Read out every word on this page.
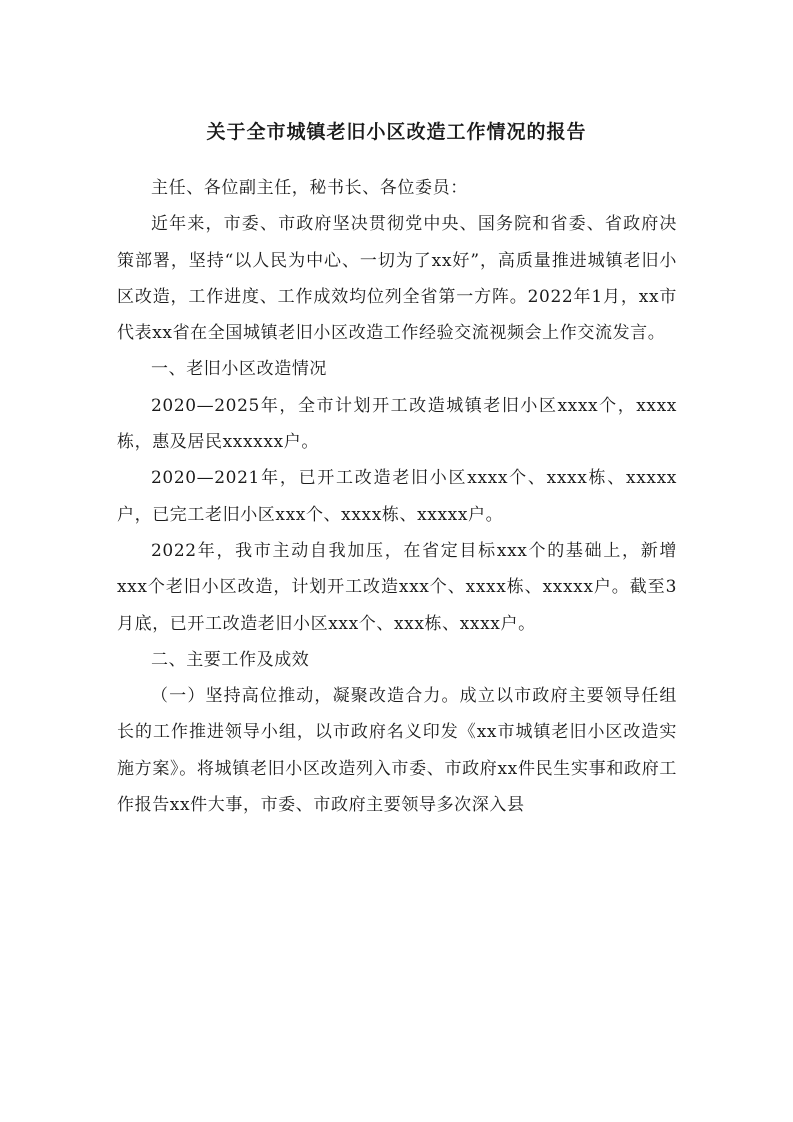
关于全市城镇老旧小区改造工作情况的报告

主任、各位副主任，秘书长、各位委员：

近年来，市委、市政府坚决贯彻党中央、国务院和省委、省政府决策部署，坚持“以人民为中心、一切为了xx好”，高质量推进城镇老旧小区改造，工作进度、工作成效均位列全省第一方阵。2022年1月，xx市代表xx省在全国城镇老旧小区改造工作经验交流视频会上作交流发言。

一、老旧小区改造情况

2020—2025年，全市计划开工改造城镇老旧小区xxxx个，xxxx栋，惠及居民xxxxxx户。

2020—2021年，已开工改造老旧小区xxxx个、xxxx栋、xxxxx户，已完工老旧小区xxx个、xxxx栋、xxxxx户。

2022年，我市主动自我加压，在省定目标xxx个的基础上，新增xxx个老旧小区改造，计划开工改造xxx个、xxxx栋、xxxxx户。截至3月底，已开工改造老旧小区xxx个、xxx栋、xxxx户。

二、主要工作及成效

（一）坚持高位推动，凝聚改造合力。成立以市政府主要领导任组长的工作推进领导小组，以市政府名义印发《xx市城镇老旧小区改造实施方案》。将城镇老旧小区改造列入市委、市政府xx件民生实事和政府工作报告xx件大事，市委、市政府主要领导多次深入县
